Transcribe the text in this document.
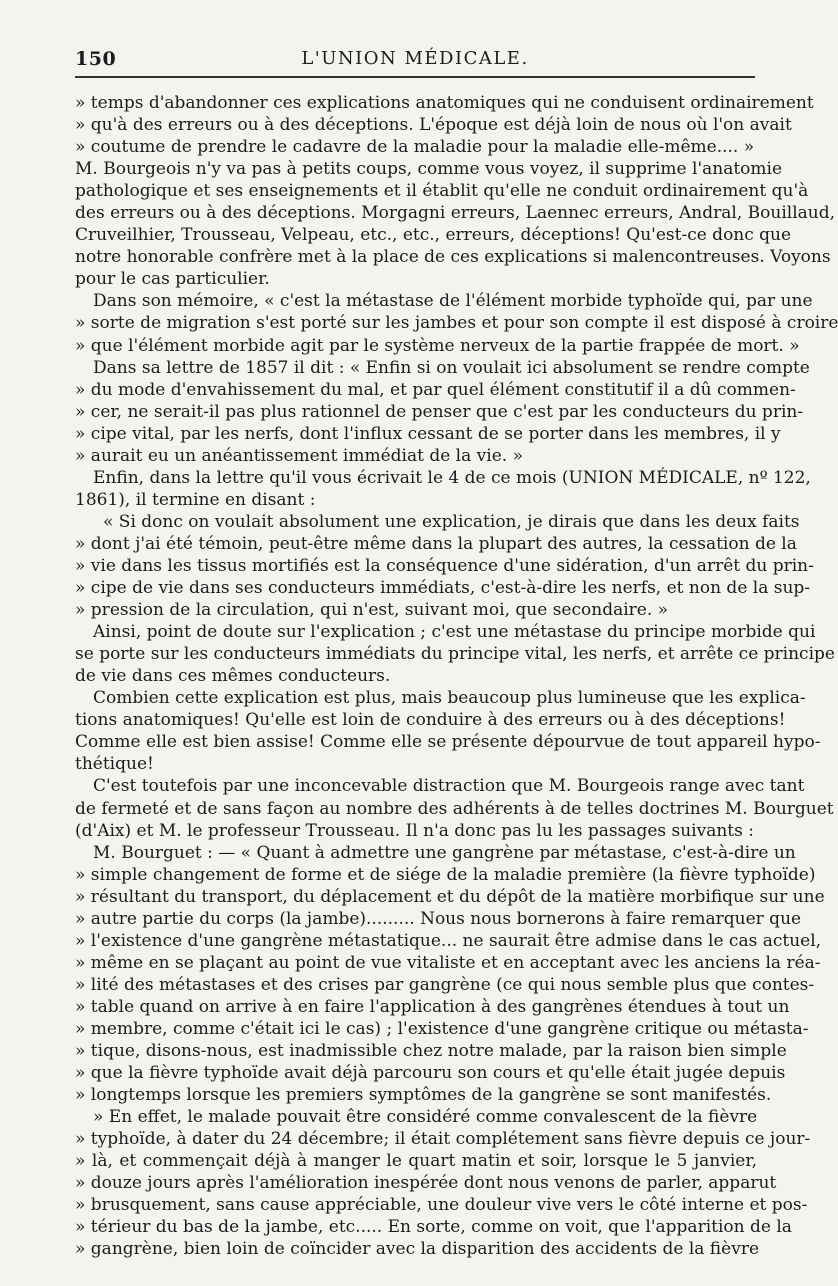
150	L'UNION MÉDICALE.
» temps d'abandonner ces explications anatomiques qui ne conduisent ordinairement
» qu'à des erreurs ou à des déceptions. L'époque est déjà loin de nous où l'on avait
» coutume de prendre le cadavre de la maladie pour la maladie elle-même.... »
M. Bourgeois n'y va pas à petits coups, comme vous voyez, il supprime l'anatomie
pathologique et ses enseignements et il établit qu'elle ne conduit ordinairement qu'à
des erreurs ou à des déceptions. Morgagni erreurs, Laennec erreurs, Andral, Bouillaud,
Cruveilhier, Trousseau, Velpeau, etc., etc., erreurs, déceptions! Qu'est-ce donc que
notre honorable confrère met à la place de ces explications si malencontreuses. Voyons
pour le cas particulier.
Dans son mémoire, « c'est la métastase de l'élément morbide typhoïde qui, par une
» sorte de migration s'est porté sur les jambes et pour son compte il est disposé à croire
» que l'élément morbide agit par le système nerveux de la partie frappée de mort. »
Dans sa lettre de 1857 il dit : « Enfin si on voulait ici absolument se rendre compte
» du mode d'envahissement du mal, et par quel élément constitutif il a dû commen-
» cer, ne serait-il pas plus rationnel de penser que c'est par les conducteurs du prin-
» cipe vital, par les nerfs, dont l'influx cessant de se porter dans les membres, il y
» aurait eu un anéantissement immédiat de la vie. »
Enfin, dans la lettre qu'il vous écrivait le 4 de ce mois (UNION MÉDICALE, nº 122,
1861), il termine en disant :
« Si donc on voulait absolument une explication, je dirais que dans les deux faits
» dont j'ai été témoin, peut-être même dans la plupart des autres, la cessation de la
» vie dans les tissus mortifiés est la conséquence d'une sidération, d'un arrêt du prin-
» cipe de vie dans ses conducteurs immédiats, c'est-à-dire les nerfs, et non de la sup-
» pression de la circulation, qui n'est, suivant moi, que secondaire. »
Ainsi, point de doute sur l'explication ; c'est une métastase du principe morbide qui
se porte sur les conducteurs immédiats du principe vital, les nerfs, et arrête ce principe
de vie dans ces mêmes conducteurs.
Combien cette explication est plus, mais beaucoup plus lumineuse que les explica-
tions anatomiques! Qu'elle est loin de conduire à des erreurs ou à des déceptions!
Comme elle est bien assise! Comme elle se présente dépourvue de tout appareil hypo-
thétique!
C'est toutefois par une inconcevable distraction que M. Bourgeois range avec tant
de fermeté et de sans façon au nombre des adhérents à de telles doctrines M. Bourguet
(d'Aix) et M. le professeur Trousseau. Il n'a donc pas lu les passages suivants :
M. Bourguet : — « Quant à admettre une gangrène par métastase, c'est-à-dire un
» simple changement de forme et de siége de la maladie première (la fièvre typhoïde)
» résultant du transport, du déplacement et du dépôt de la matière morbifique sur une
» autre partie du corps (la jambe)......... Nous nous bornerons à faire remarquer que
» l'existence d'une gangrène métastatique... ne saurait être admise dans le cas actuel,
» même en se plaçant au point de vue vitaliste et en acceptant avec les anciens la réa-
» lité des métastases et des crises par gangrène (ce qui nous semble plus que contes-
» table quand on arrive à en faire l'application à des gangrènes étendues à tout un
» membre, comme c'était ici le cas) ; l'existence d'une gangrène critique ou métasta-
» tique, disons-nous, est inadmissible chez notre malade, par la raison bien simple
» que la fièvre typhoïde avait déjà parcouru son cours et qu'elle était jugée depuis
» longtemps lorsque les premiers symptômes de la gangrène se sont manifestés.
» En effet, le malade pouvait être considéré comme convalescent de la fièvre
» typhoïde, à dater du 24 décembre; il était complétement sans fièvre depuis ce jour-
» là, et commençait déjà à manger le quart matin et soir, lorsque le 5 janvier,
» douze jours après l'amélioration inespérée dont nous venons de parler, apparut
» brusquement, sans cause appréciable, une douleur vive vers le côté interne et pos-
» térieur du bas de la jambe, etc..... En sorte, comme on voit, que l'apparition de la
» gangrène, bien loin de coïncider avec la disparition des accidents de la fièvre
